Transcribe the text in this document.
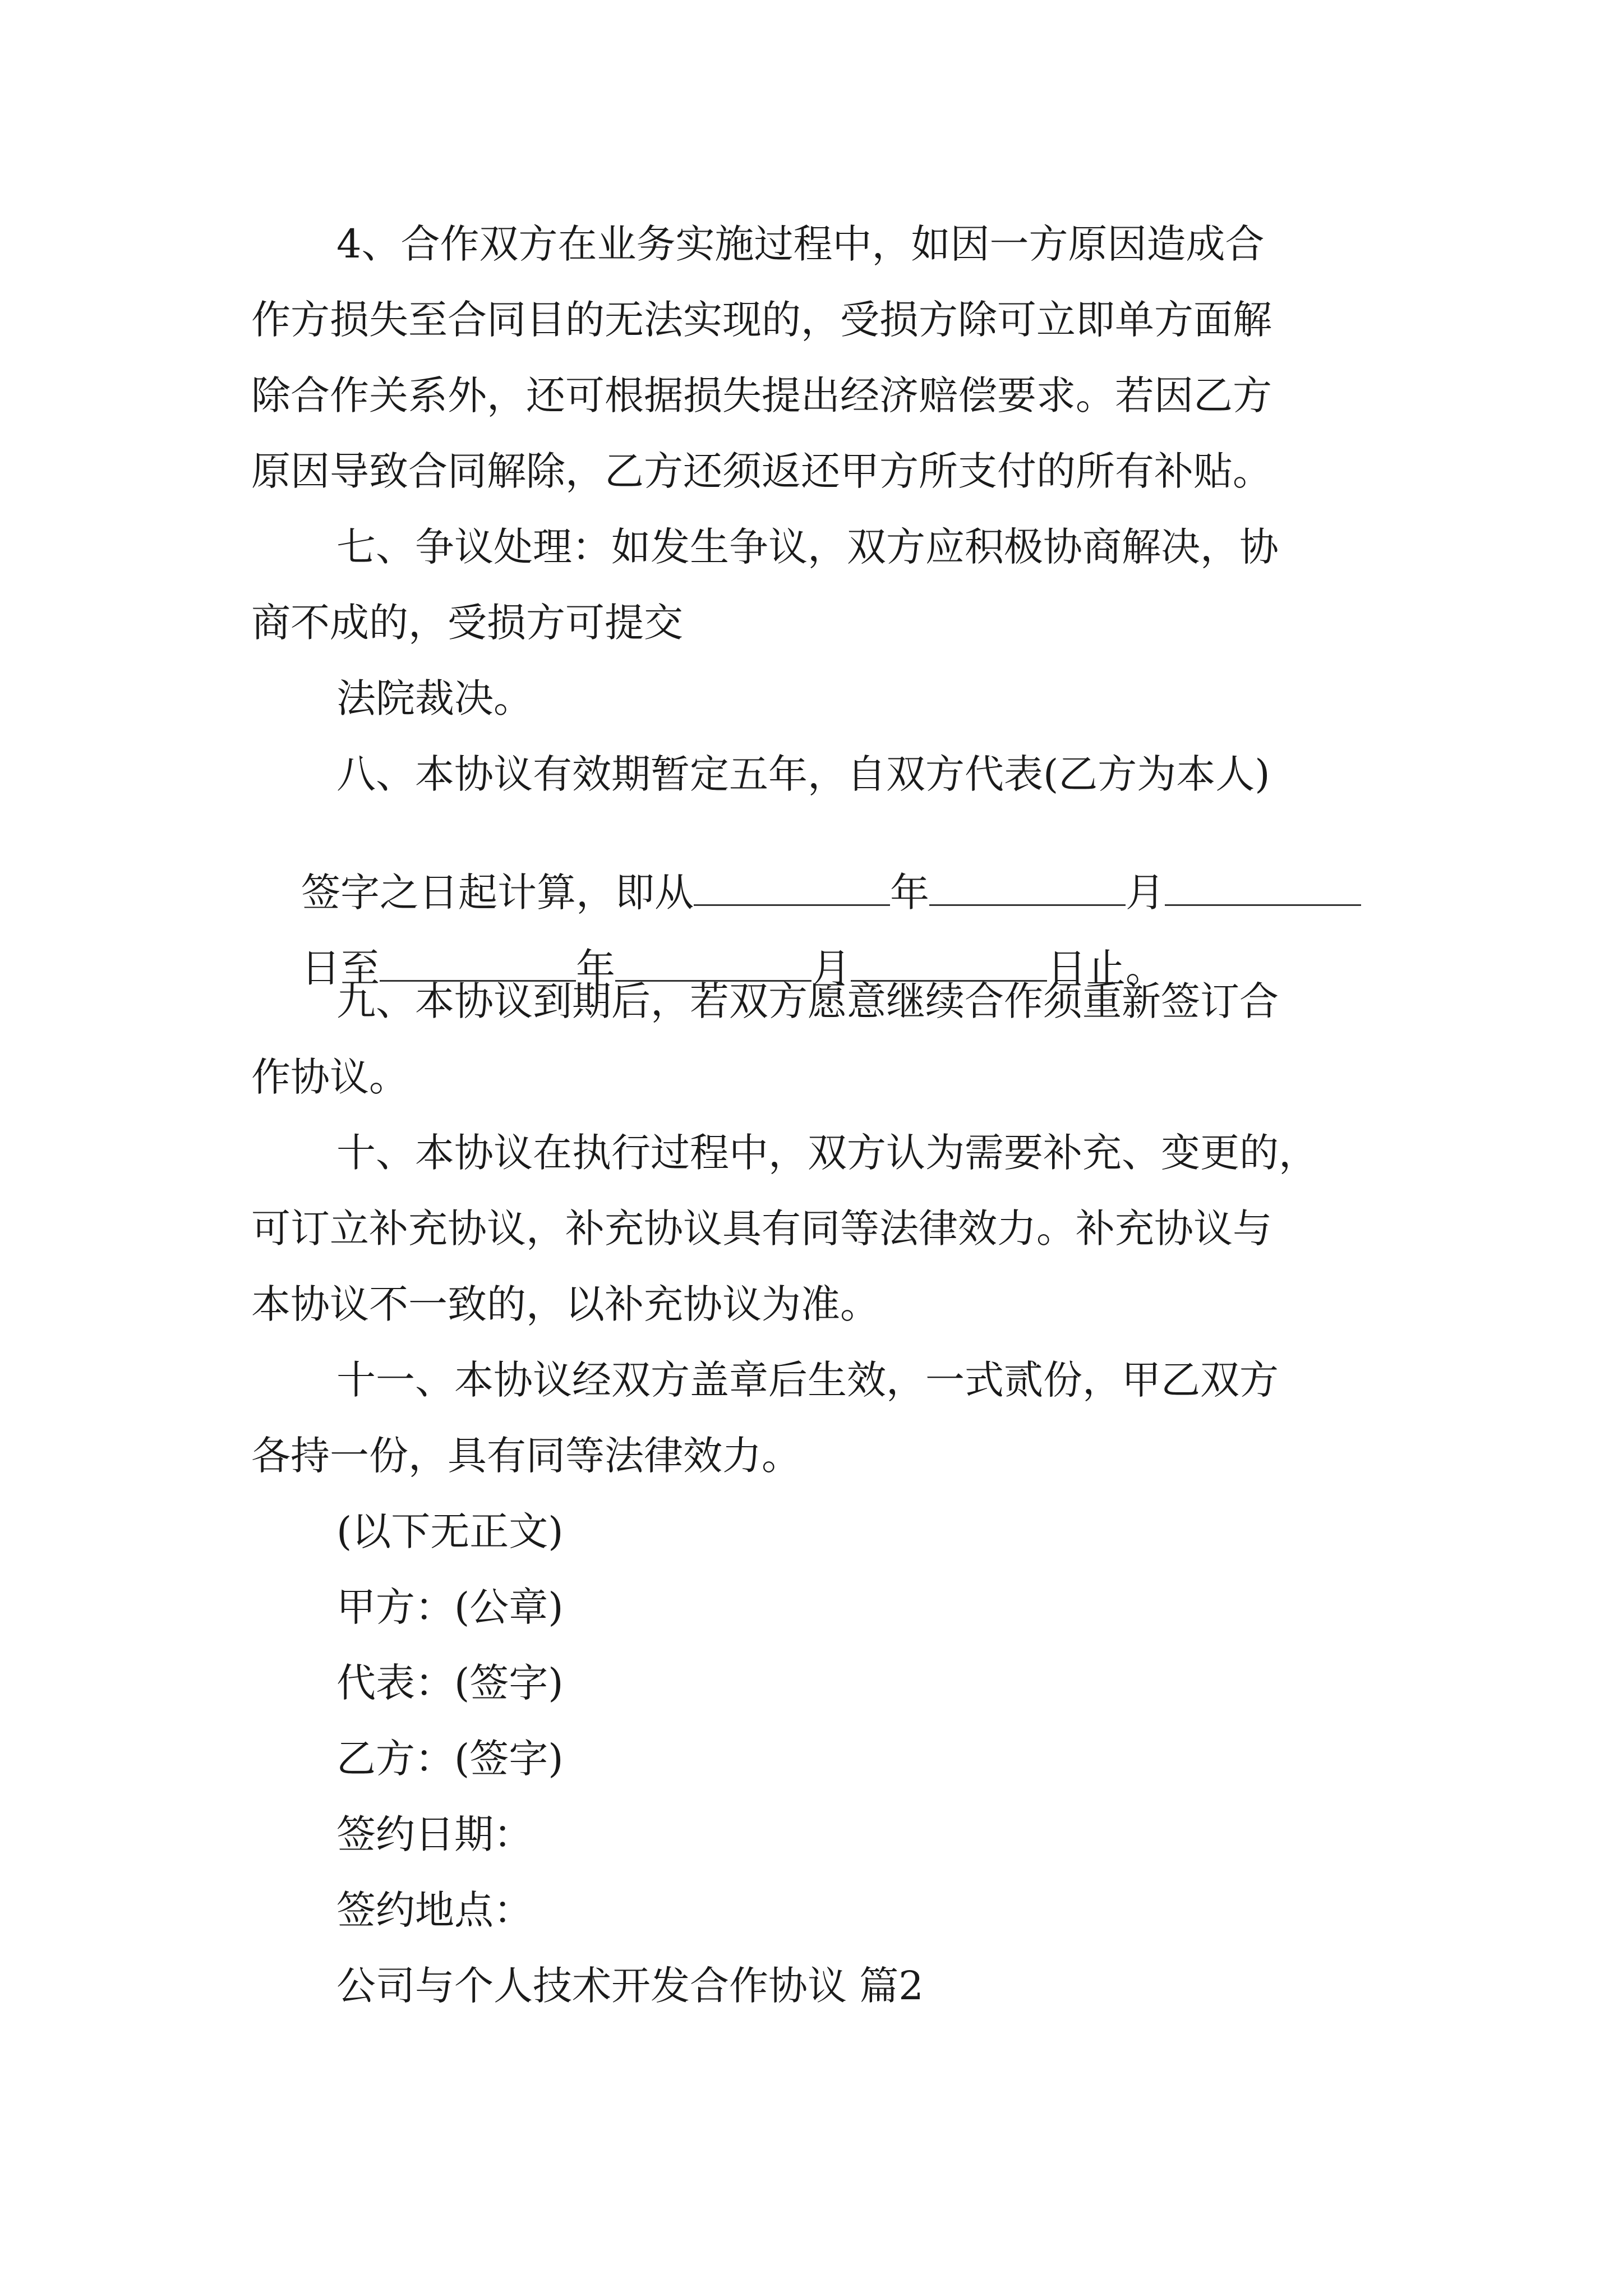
4、合作双方在业务实施过程中，如因一方原因造成合
作方损失至合同目的无法实现的，受损方除可立即单方面解
除合作关系外，还可根据损失提出经济赔偿要求。若因乙方
原因导致合同解除，乙方还须返还甲方所支付的所有补贴。
七、争议处理：如发生争议，双方应积极协商解决，协
商不成的，受损方可提交
法院裁决。
八、本协议有效期暂定五年，自双方代表(乙方为本人)

签字之日起计算，即从	年	月

日至	年	月	日止。

九、本协议到期后，若双方愿意继续合作须重新签订合
作协议。
十、本协议在执行过程中，双方认为需要补充、变更的，
可订立补充协议，补充协议具有同等法律效力。补充协议与
本协议不一致的，以补充协议为准。
十一、本协议经双方盖章后生效，一式贰份，甲乙双方
各持一份，具有同等法律效力。
(以下无正文)
甲方：(公章)
代表：(签字)
乙方：(签字)
签约日期：
签约地点：
公司与个人技术开发合作协议 篇2
